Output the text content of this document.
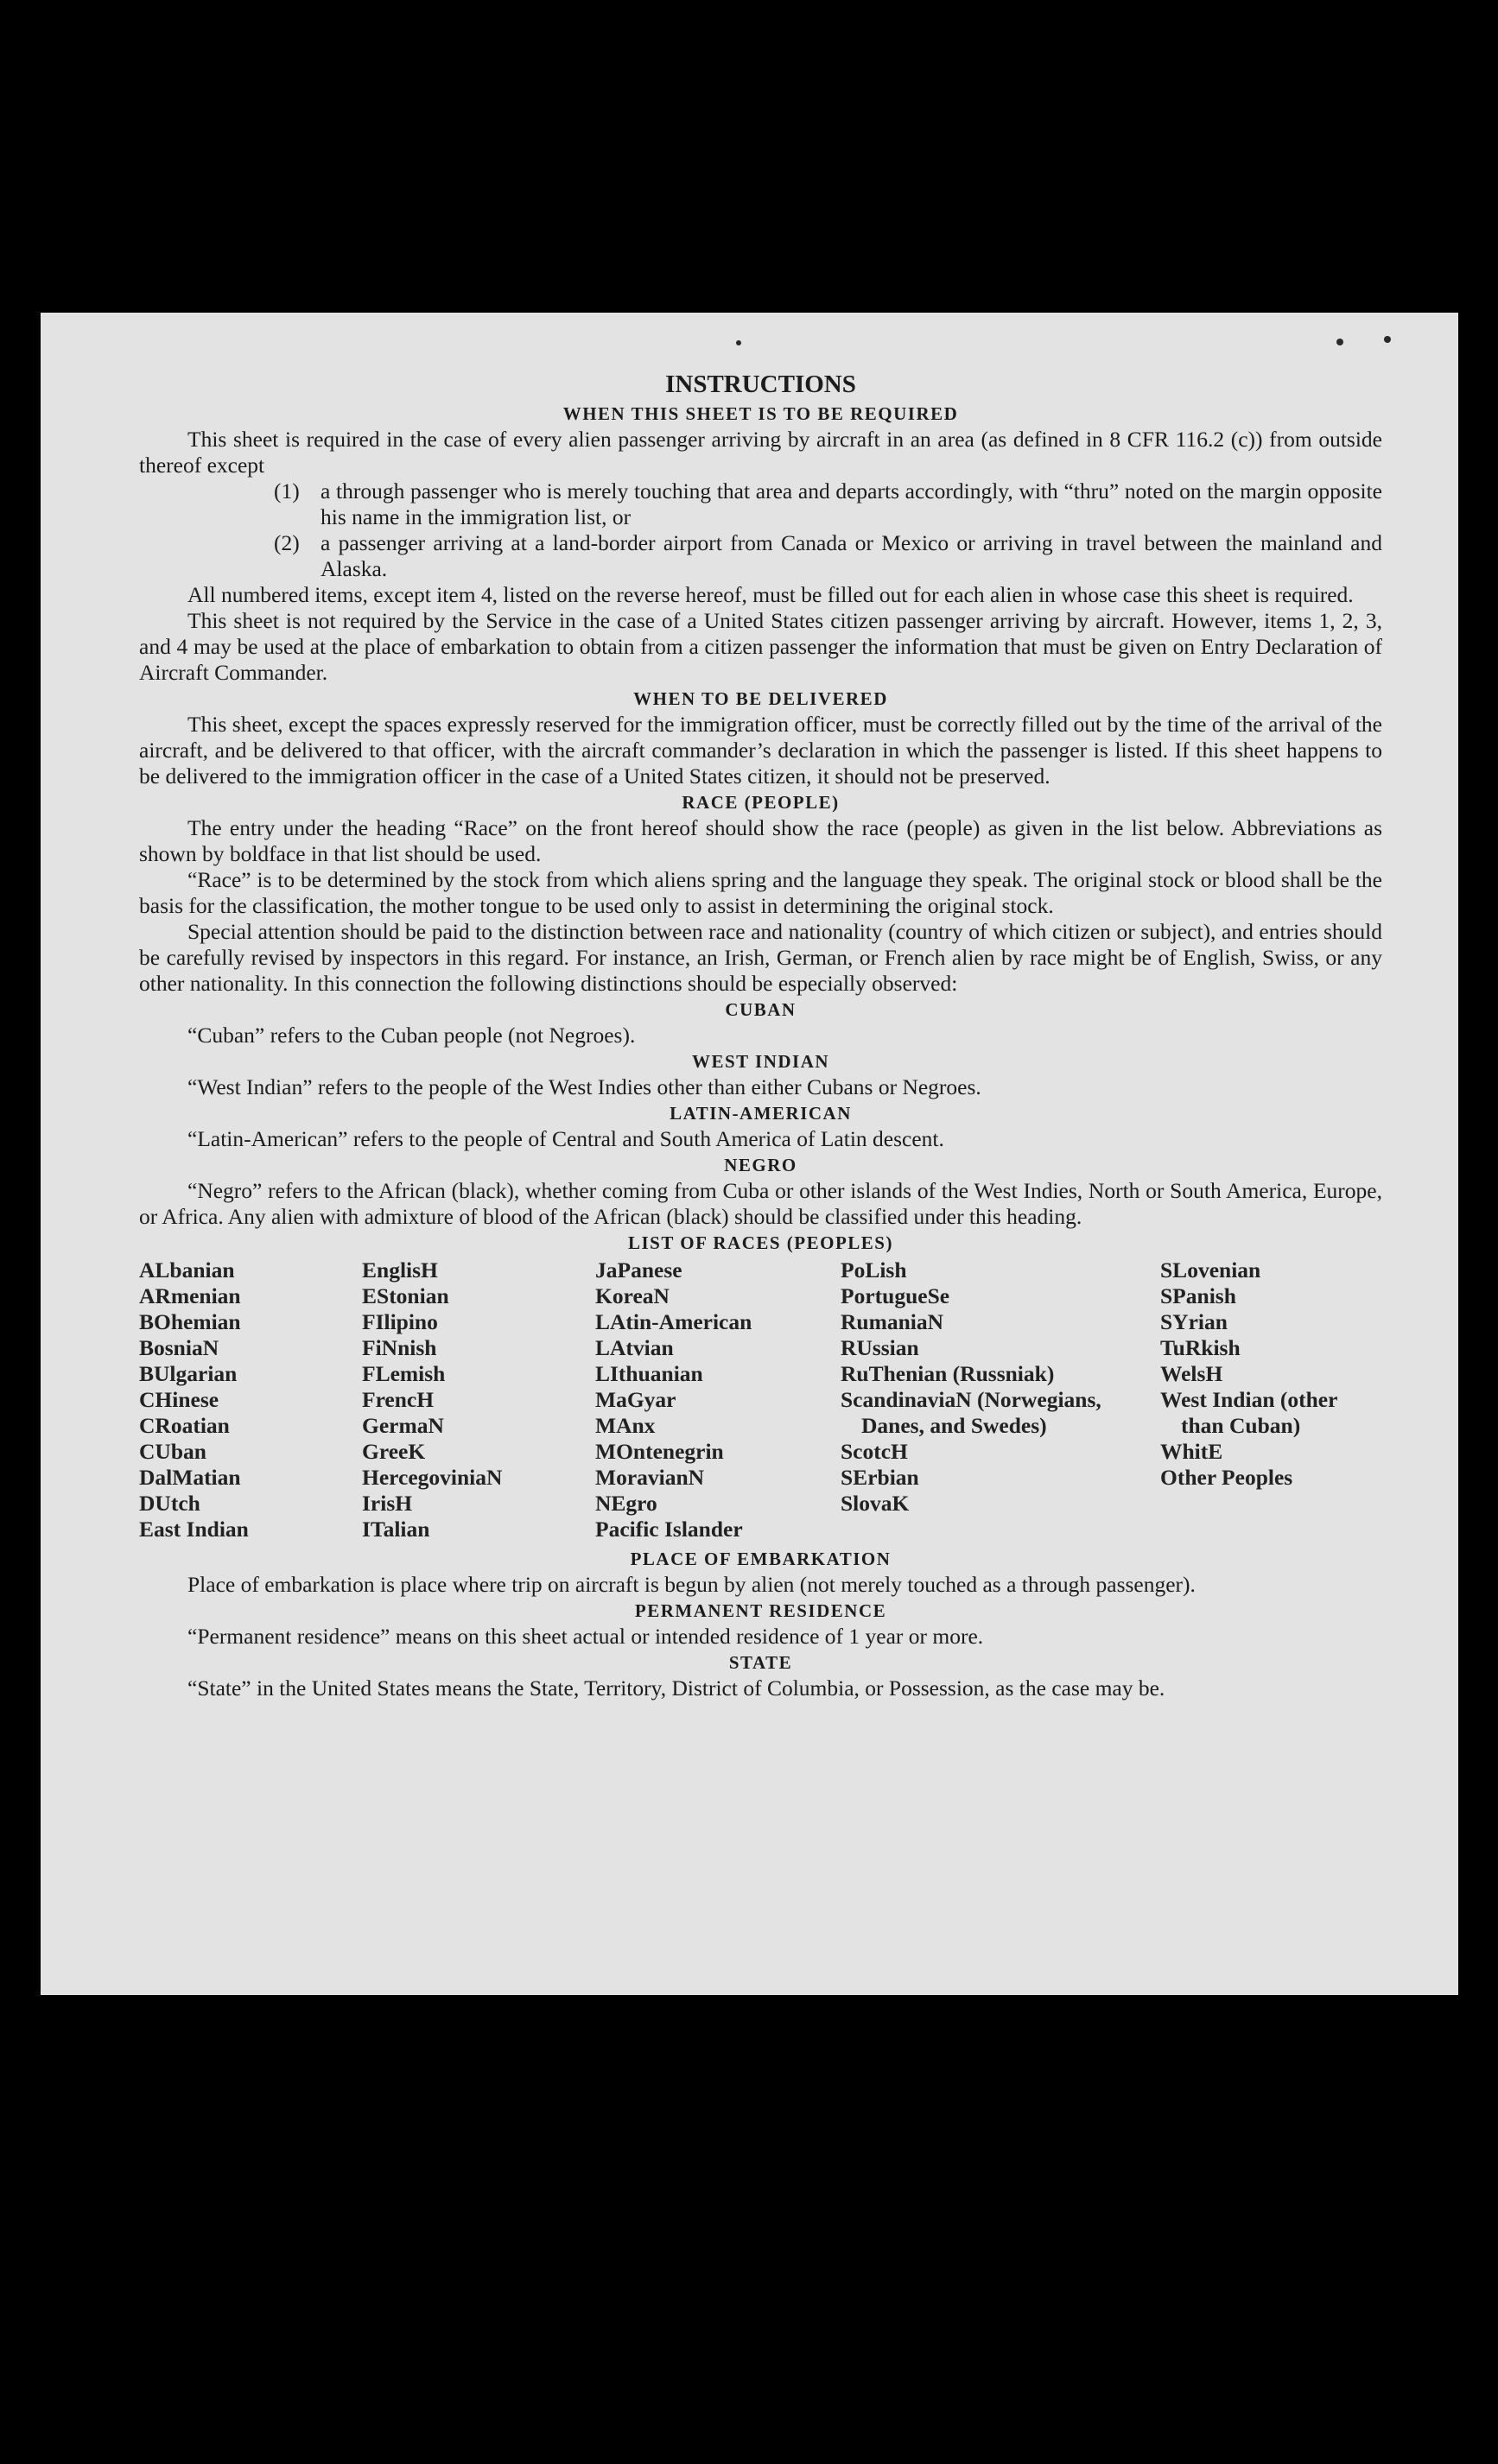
INSTRUCTIONS
WHEN THIS SHEET IS TO BE REQUIRED

This sheet is required in the case of every alien passenger arriving by aircraft in an area (as defined in 8 CFR 116.2 (c)) from outside thereof except

(1) a through passenger who is merely touching that area and departs accordingly, with “thru” noted on the margin opposite his name in the immigration list, or

(2) a passenger arriving at a land-border airport from Canada or Mexico or arriving in travel between the mainland and Alaska.

All numbered items, except item 4, listed on the reverse hereof, must be filled out for each alien in whose case this sheet is required.

This sheet is not required by the Service in the case of a United States citizen passenger arriving by aircraft. However, items 1, 2, 3, and 4 may be used at the place of embarkation to obtain from a citizen passenger the information that must be given on Entry Declaration of Aircraft Commander.

WHEN TO BE DELIVERED

This sheet, except the spaces expressly reserved for the immigration officer, must be correctly filled out by the time of the arrival of the aircraft, and be delivered to that officer, with the aircraft commander’s declaration in which the passenger is listed. If this sheet happens to be delivered to the immigration officer in the case of a United States citizen, it should not be preserved.

RACE (PEOPLE)

The entry under the heading “Race” on the front hereof should show the race (people) as given in the list below. Abbreviations as shown by boldface in that list should be used.

“Race” is to be determined by the stock from which aliens spring and the language they speak. The original stock or blood shall be the basis for the classification, the mother tongue to be used only to assist in determining the original stock.

Special attention should be paid to the distinction between race and nationality (country of which citizen or subject), and entries should be carefully revised by inspectors in this regard. For instance, an Irish, German, or French alien by race might be of English, Swiss, or any other nationality. In this connection the following distinctions should be especially observed:

CUBAN

“Cuban” refers to the Cuban people (not Negroes).

WEST INDIAN

“West Indian” refers to the people of the West Indies other than either Cubans or Negroes.

LATIN-AMERICAN

“Latin-American” refers to the people of Central and South America of Latin descent.

NEGRO

“Negro” refers to the African (black), whether coming from Cuba or other islands of the West Indies, North or South America, Europe, or Africa. Any alien with admixture of blood of the African (black) should be classified under this heading.

LIST OF RACES (PEOPLES)
ALbanian
ARmenian
BOhemian
BosniaN
BUlgarian
CHinese
CRoatian
CUban
DalMatian
DUtch
East Indian
EnglisH
EStonian
FIlipino
FiNnish
FLemish
FrencH
GermaN
GreeK
HercegoviniaN
IrisH
ITalian
JaPanese
KoreaN
LAtin-American
LAtvian
LIthuanian
MaGyar
MAnx
MOntenegrin
MoravianN
NEgro
Pacific Islander
PoLish
PortugueSe
RumaniaN
RUssian
RuThenian (Russniak)
ScandinaviaN (Norwegians, Danes, and Swedes)
ScotcH
SErbian
SlovaK
SLovenian
SPanish
SYrian
TuRkish
WelsH
West Indian (other than Cuban)
WhitE
Other Peoples
PLACE OF EMBARKATION

Place of embarkation is place where trip on aircraft is begun by alien (not merely touched as a through passenger).

PERMANENT RESIDENCE

“Permanent residence” means on this sheet actual or intended residence of 1 year or more.

STATE

“State” in the United States means the State, Territory, District of Columbia, or Possession, as the case may be.
